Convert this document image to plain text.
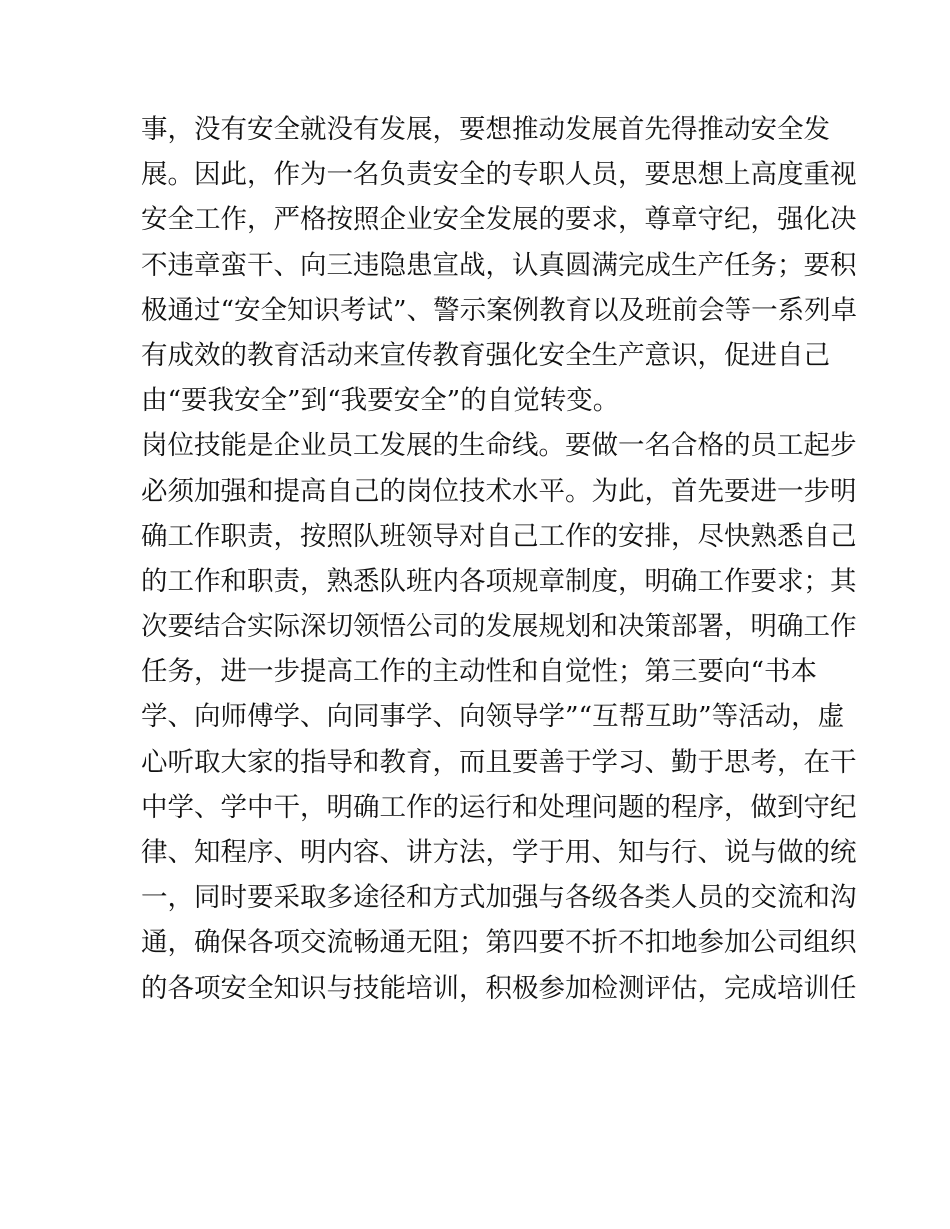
事，没有安全就没有发展，要想推动发展首先得推动安全发
展。因此，作为一名负责安全的专职人员，要思想上高度重视
安全工作，严格按照企业安全发展的要求，尊章守纪，强化决
不违章蛮干、向三违隐患宣战，认真圆满完成生产任务；要积
极通过“安全知识考试”、警示案例教育以及班前会等一系列卓
有成效的教育活动来宣传教育强化安全生产意识，促进自己
由“要我安全”到“我要安全”的自觉转变。
岗位技能是企业员工发展的生命线。要做一名合格的员工起步
必须加强和提高自己的岗位技术水平。为此，首先要进一步明
确工作职责，按照队班领导对自己工作的安排，尽快熟悉自己
的工作和职责，熟悉队班内各项规章制度，明确工作要求；其
次要结合实际深切领悟公司的发展规划和决策部署，明确工作
任务，进一步提高工作的主动性和自觉性；第三要向“书本
学、向师傅学、向同事学、向领导学”“互帮互助”等活动，虚
心听取大家的指导和教育，而且要善于学习、勤于思考，在干
中学、学中干，明确工作的运行和处理问题的程序，做到守纪
律、知程序、明内容、讲方法，学于用、知与行、说与做的统
一，同时要采取多途径和方式加强与各级各类人员的交流和沟
通，确保各项交流畅通无阻；第四要不折不扣地参加公司组织
的各项安全知识与技能培训，积极参加检测评估，完成培训任
